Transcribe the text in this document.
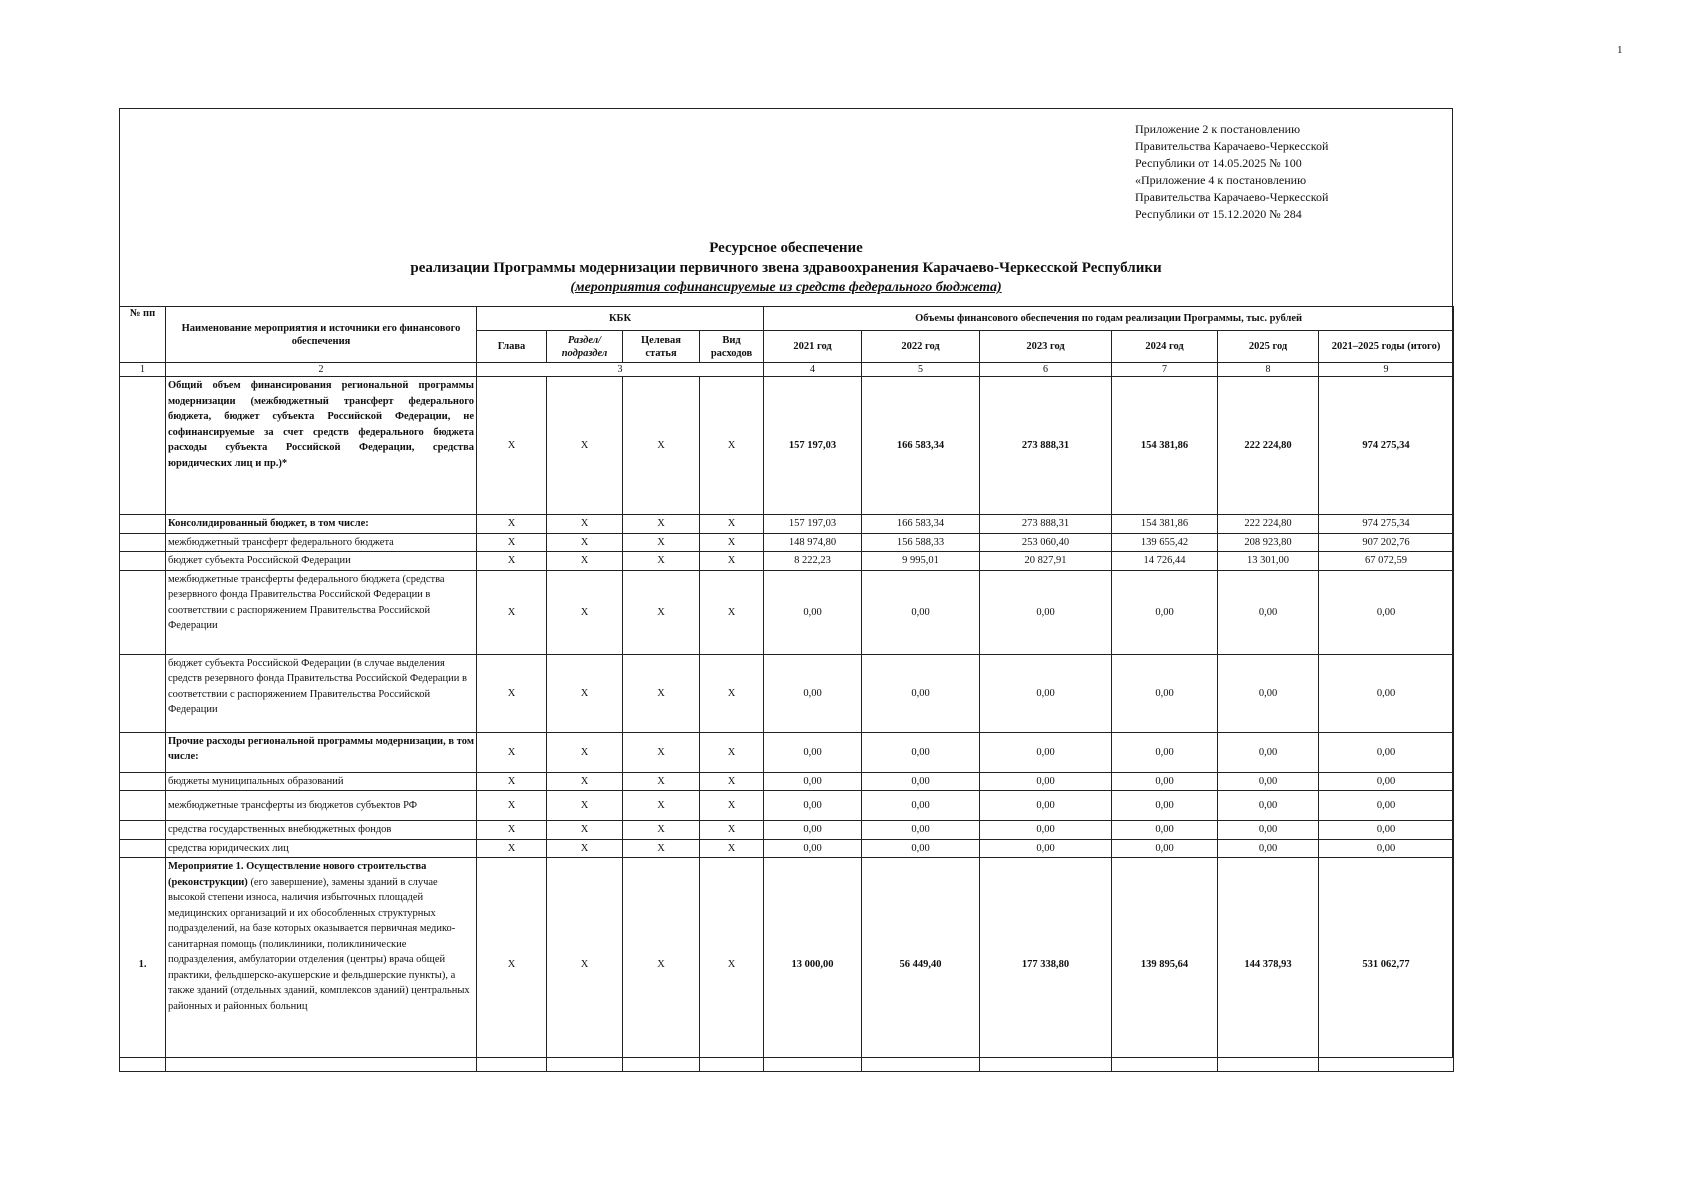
1
Приложение 2 к постановлению
Правительства Карачаево-Черкесской
Республики от 14.05.2025 № 100
«Приложение 4 к постановлению
Правительства Карачаево-Черкесской
Республики от 15.12.2020 № 284
Ресурсное обеспечение
реализации Программы модернизации первичного звена здравоохранения Карачаево-Черкесской Республики
(мероприятия софинансируемые из средств федерального бюджета)
№ пп	Наименование мероприятия и источники его финансового обеспечения	КБК				Объемы финансового обеспечения по годам реализации Программы, тыс. рублей					
		Глава	Раздел/ подраздел	Целевая статья	Вид расходов	2021 год	2022 год	2023 год	2024 год	2025 год	2021–2025 годы (итого)
1	2	3				4	5	6	7	8	9
	Общий объем финансирования региональной программы модернизации (межбюджетный трансферт федерального бюджета, бюджет субъекта Российской Федерации, не софинансируемые за счет средств федерального бюджета расходы субъекта Российской Федерации, средства юридических лиц и пр.)*	X	X	X	X	157 197,03	166 583,34	273 888,31	154 381,86	222 224,80	974 275,34
	Консолидированный бюджет, в том числе:	X	X	X	X	157 197,03	166 583,34	273 888,31	154 381,86	222 224,80	974 275,34
	межбюджетный трансферт федерального бюджета	X	X	X	X	148 974,80	156 588,33	253 060,40	139 655,42	208 923,80	907 202,76
	бюджет субъекта Российской Федерации	X	X	X	X	8 222,23	9 995,01	20 827,91	14 726,44	13 301,00	67 072,59
	межбюджетные трансферты федерального бюджета (средства резервного фонда Правительства Российской Федерации в соответствии с распоряжением Правительства Российской Федерации	X	X	X	X	0,00	0,00	0,00	0,00	0,00	0,00
	бюджет субъекта Российской Федерации (в случае выделения средств резервного фонда Правительства Российской Федерации в соответствии с распоряжением Правительства Российской Федерации	X	X	X	X	0,00	0,00	0,00	0,00	0,00	0,00
	Прочие расходы региональной программы модернизации, в том числе:	X	X	X	X	0,00	0,00	0,00	0,00	0,00	0,00
	бюджеты муниципальных образований	X	X	X	X	0,00	0,00	0,00	0,00	0,00	0,00
	межбюджетные трансферты из бюджетов субъектов РФ	X	X	X	X	0,00	0,00	0,00	0,00	0,00	0,00
	средства государственных внебюджетных фондов	X	X	X	X	0,00	0,00	0,00	0,00	0,00	0,00
	средства юридических лиц	X	X	X	X	0,00	0,00	0,00	0,00	0,00	0,00
1.	Мероприятие 1. Осуществление нового строительства (реконструкции) (его завершение), замены зданий в случае высокой степени износа, наличия избыточных площадей медицинских организаций и их обособленных структурных подразделений, на базе которых оказывается первичная медико-санитарная помощь (поликлиники, поликлинические подразделения, амбулатории отделения (центры) врача общей практики, фельдшерско-акушерские и фельдшерские пункты), а также зданий (отдельных зданий, комплексов зданий) центральных районных и районных больниц	X	X	X	X	13 000,00	56 449,40	177 338,80	139 895,64	144 378,93	531 062,77
